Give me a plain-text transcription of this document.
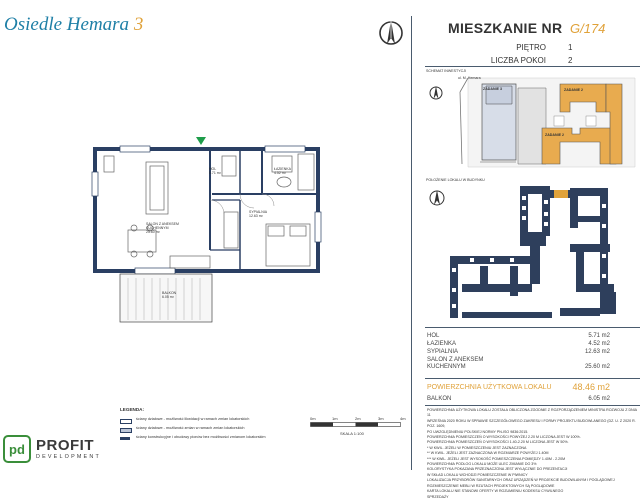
Osiedle Hemara 3	MIESZKANIE NR G/174
PIĘTRO	1
LICZBA POKOI	2
SCHEMAT INWESTYCJI
ul. M. Hemara
ZADANIE 3	ZADANIE 2
ZADANIE 2
POŁOŻENIE LOKALU W BUDYNKU
HOL	5.71 m2
ŁAZIENKA	4.52 m2
SYPIALNIA	12.63 m2
SALON Z ANEKSEM
KUCHENNYM	25.60 m2
POWIERZCHNIA UŻYTKOWA LOKALU	48.46 m2
BALKON	6.05 m2
POWIERZCHNIA UŻYTKOWA LOKALU ZOSTAŁA OBLICZONA ZGODNIE Z ROZPORZĄDZENIEM MINISTRA ROZWOJU Z DNIA 11
WRZEŚNIA 2020 ROKU W SPRAWIE SZCZEGÓŁOWEGO ZAKRESU I FORMY PROJEKTU BUDOWLANEGO (DZ. U. Z 2020 R. POZ. 1609,
PO UWZGLĘDNIENIU POLSKIEJ NORMY PN-ISO 9836:2015.
POWIERZCHNIA POMIESZCZEŃ O WYSOKOŚCI POWYŻEJ 2.20 M LICZONA JEST W 100%.
POWIERZCHNIA POMIESZCZEŃ O WYSOKOŚCI 1.40-2.20 M LICZONA JEST W 50%.
* W KWIL. JEŻELI W POMIESZCZENIU JEST ZAZNACZONA
** W KWIL. JEŻELI JEST ZAZNACZONA W ROZMIARZE POWYŻEJ 1.40M
*** W KWIL. JEŻELI JEST WYSOKOŚĆ POMIESZCZENIA POMIĘDZY 1.40M - 2.20M
POWIERZCHNIA PODLOG LOKALU MOŻE ULEC ZMIANIE DO 3%
KOLORYSTYKA POKAZANA PRZEZNACZONA JEST WYŁĄCZNIE DO PREZENTACJI
W SKŁAD LOKALU WCHODZI POMIESZCZENIE W PIWNICY
LOKALIZACJA PRZYBORÓW SANITARNYCH ORAZ URZĄDZEŃ W PROJEKCIE BUDOWLANYM I POGLĄDOWEJ
ROZMIESZCZENIE MEBLI W RZUTACH PROJEKTOWYCH SĄ POGLĄDOWE
KARTA LOKALU NIE STANOWI OFERTY W ROZUMIENIU KODEKSU CYWILNEGO
SPRZEDAŻY
HOL
5.71 m²
ŁAZIENKA
4.52 m²
SYPIALNIA
12.63 m²
SALON Z ANEKSEM
KUCHENNYM
25.60 m²
BALKON
6.05 m²
pd PROFIT
DEVELOPMENT
LEGENDA:
ściany działowe - możliwość likwidacji w ramach zmian lokatorskich
ściany działowe - możliwość zmian w ramach zmian lokatorskich
ściany konstrukcyjne i obudowy pionów bez możliwości zmianom lokatorskim
0m	1m	2m	3m	4m
SKALA 1:100
